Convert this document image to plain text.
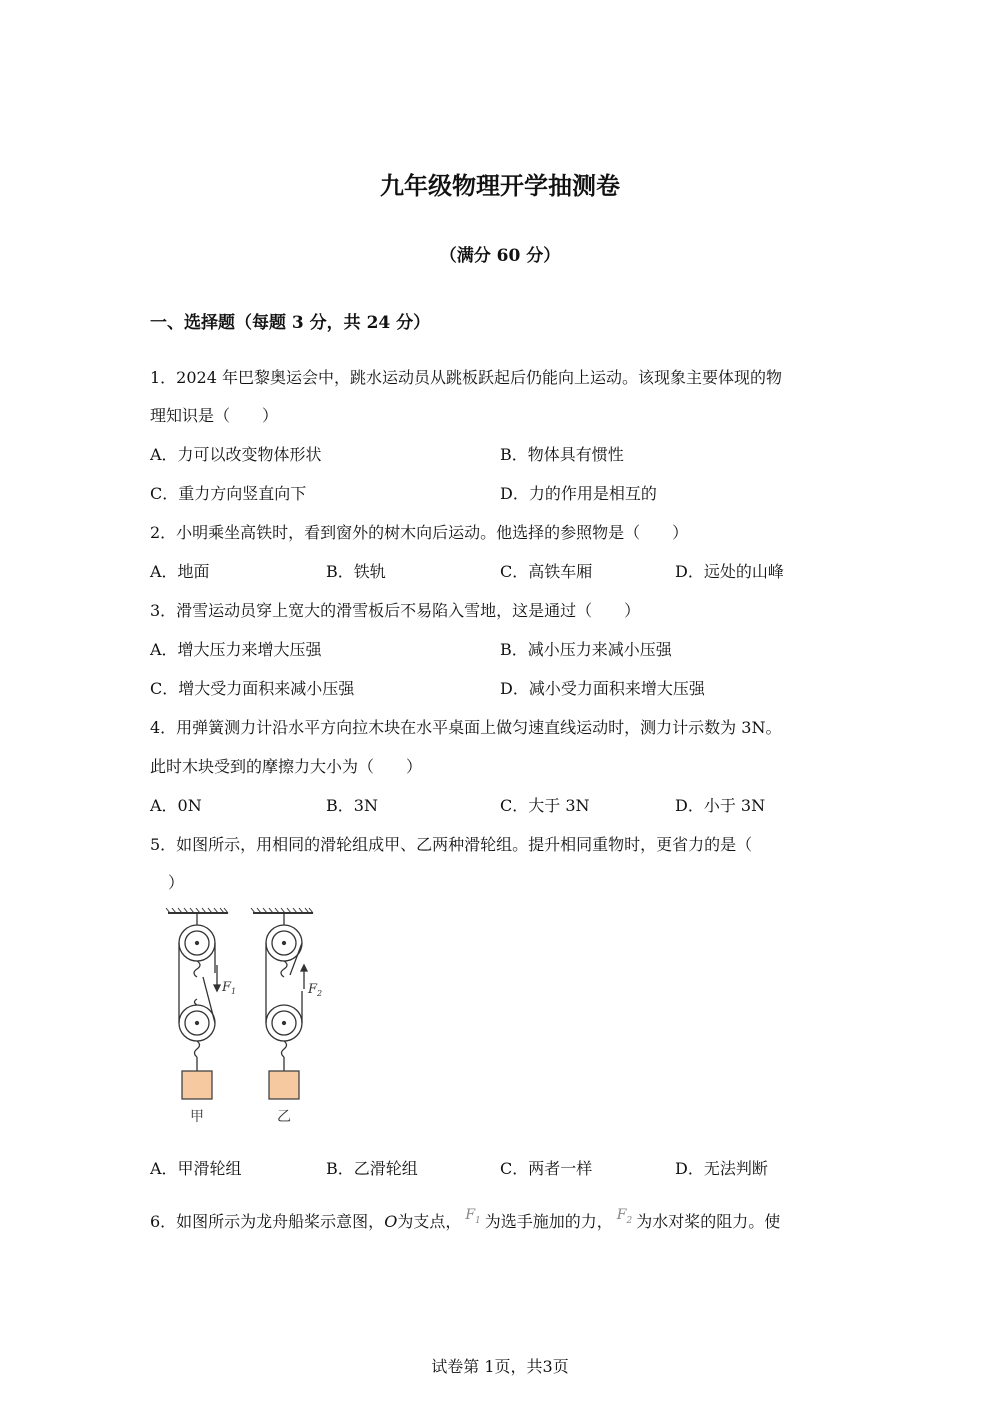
九年级物理开学抽测卷
（满分 60 分）
一、选择题（每题 3 分，共 24 分）
1．2024 年巴黎奥运会中，跳水运动员从跳板跃起后仍能向上运动。该现象主要体现的物
理知识是（　　）
A．力可以改变物体形状	B．物体具有惯性
C．重力方向竖直向下	D．力的作用是相互的
2．小明乘坐高铁时，看到窗外的树木向后运动。他选择的参照物是（　　）
A．地面	B．铁轨	C．高铁车厢	D．远处的山峰
3．滑雪运动员穿上宽大的滑雪板后不易陷入雪地，这是通过（　　）
A．增大压力来增大压强	B．减小压力来减小压强
C．增大受力面积来减小压强	D．减小受力面积来增大压强
4．用弹簧测力计沿水平方向拉木块在水平桌面上做匀速直线运动时，测力计示数为 3N。
此时木块受到的摩擦力大小为（　　）
A．0N	B．3N	C．大于 3N	D．小于 3N
5．如图所示，用相同的滑轮组成甲、乙两种滑轮组。提升相同重物时，更省力的是（
）
$F_1$
甲
$F_2$
乙
A．甲滑轮组	B．乙滑轮组	C．两者一样	D．无法判断
6．如图所示为龙舟船桨示意图，O为支点， $F_1$ 为选手施加的力， $F_2$ 为水对桨的阻力。使
试卷第 1页，共3页
